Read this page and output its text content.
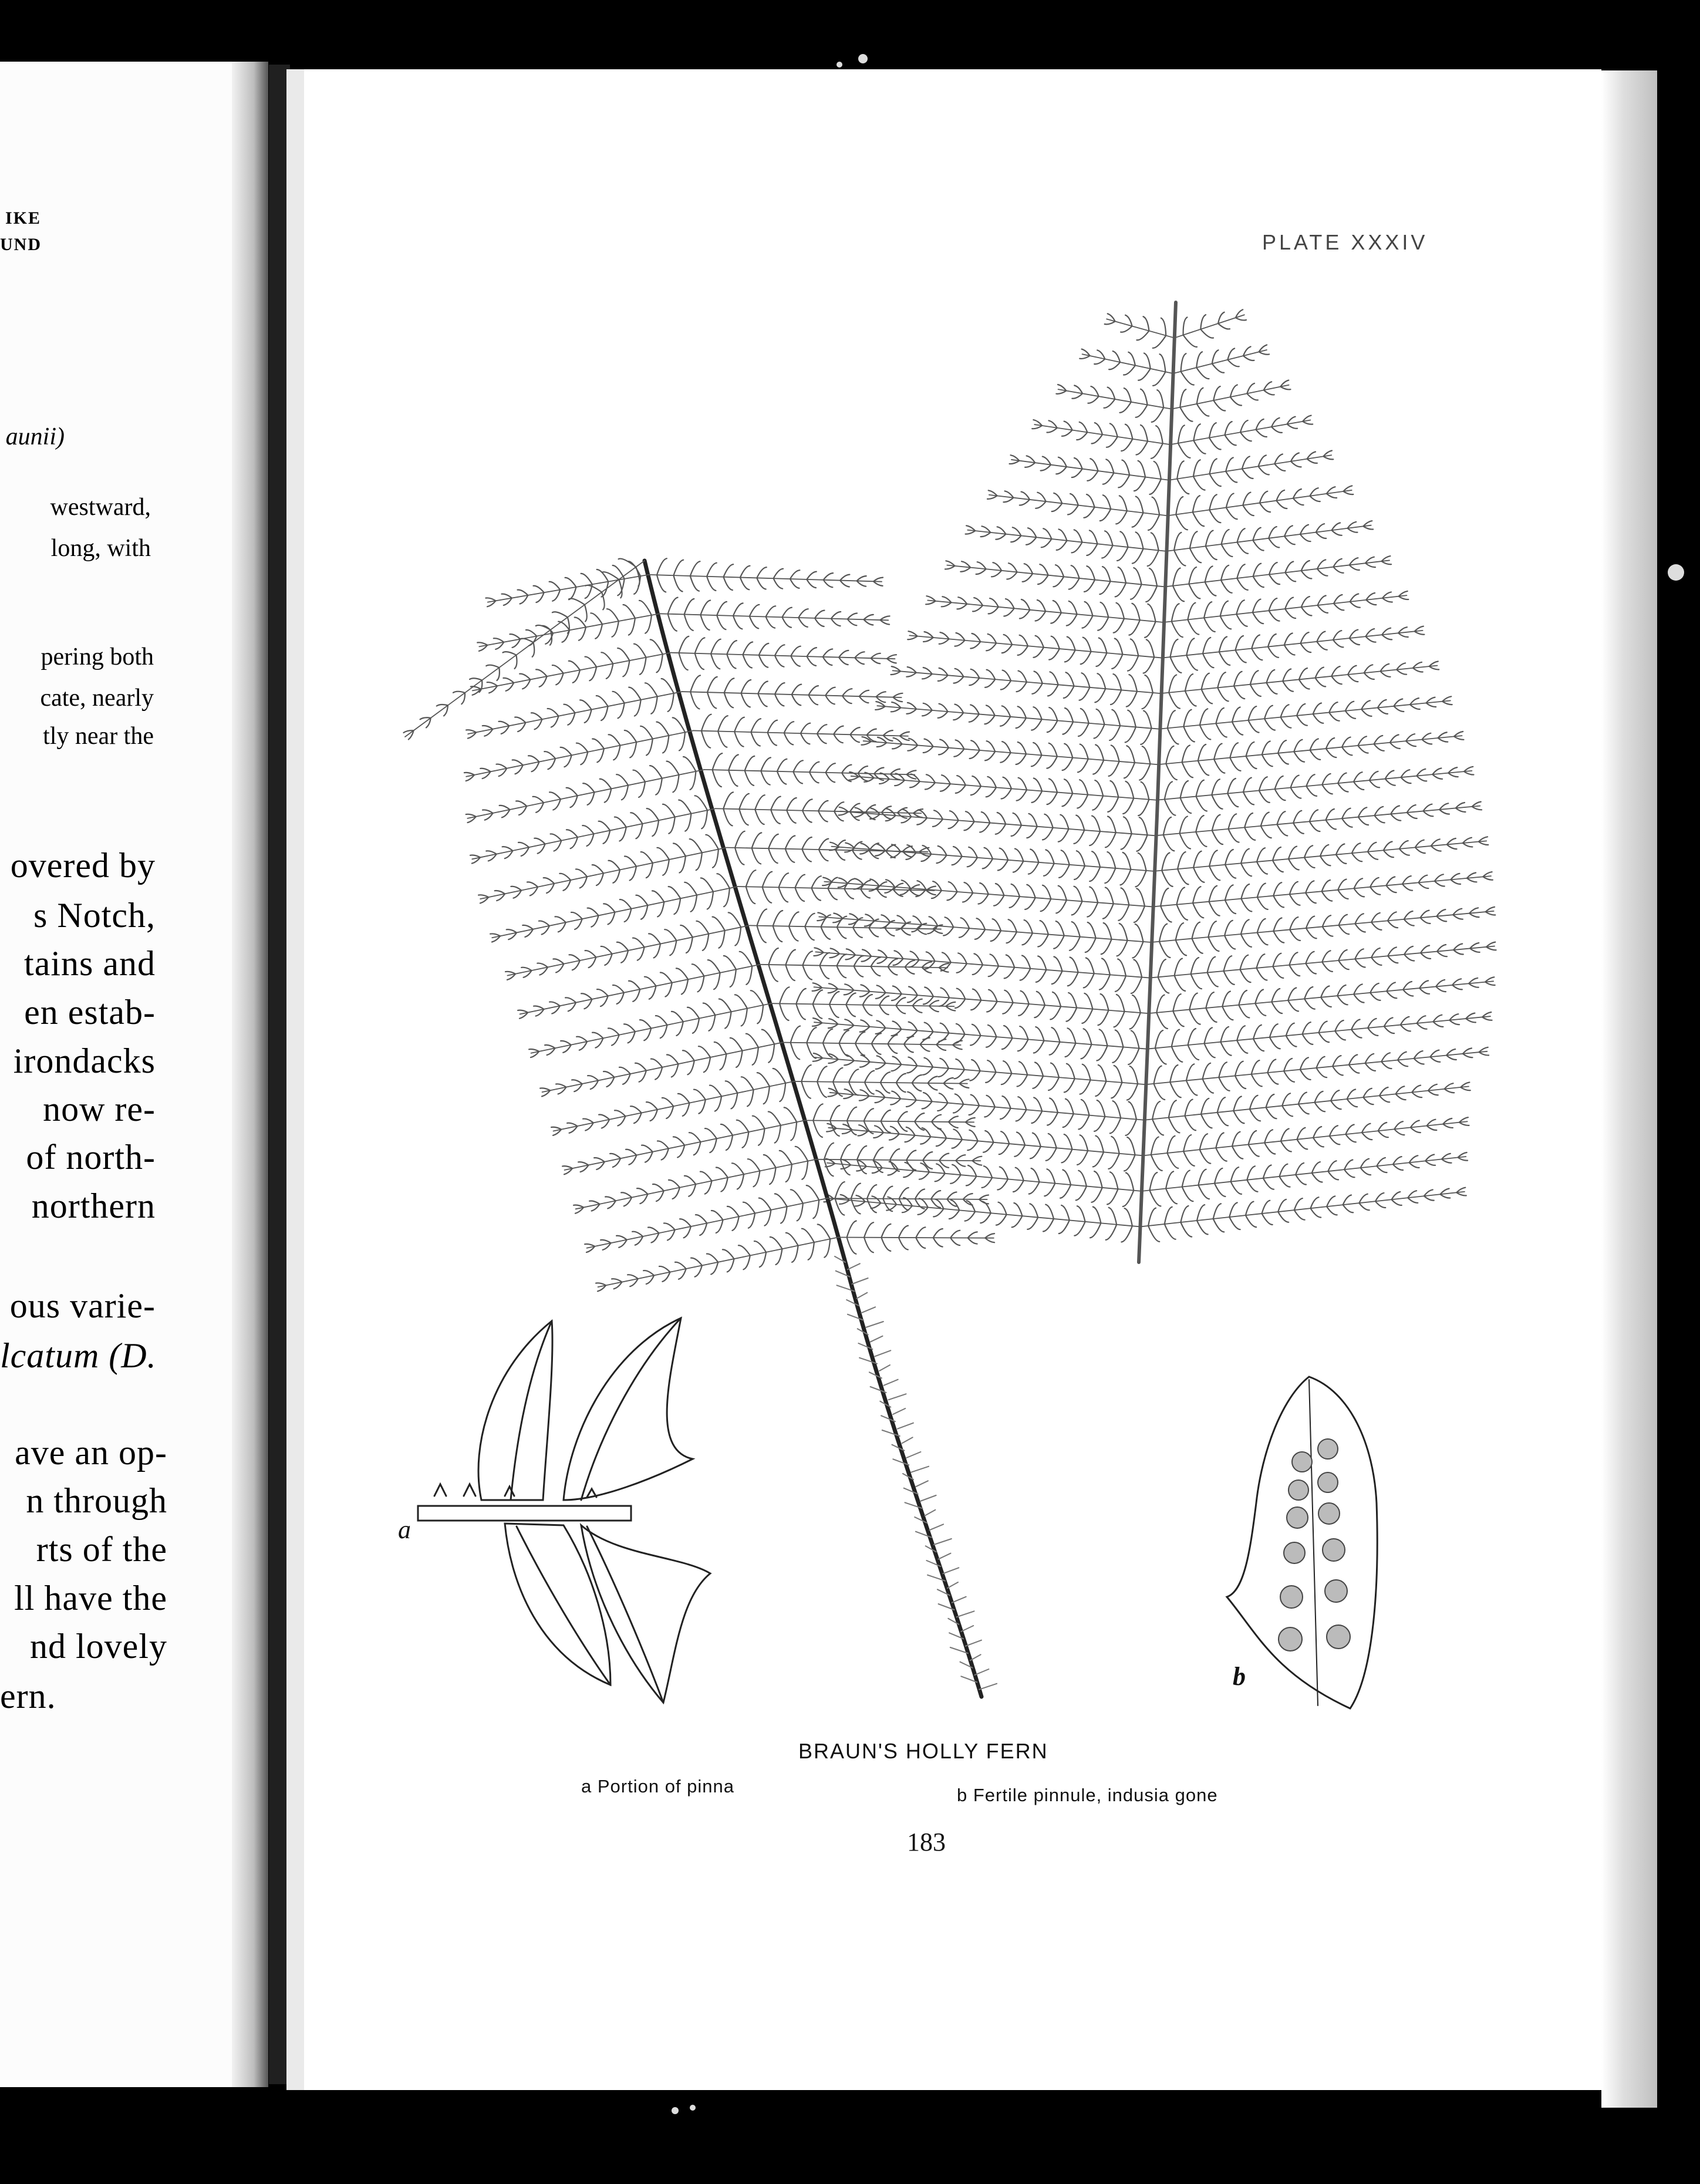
IKE
UND
aunii)
westward,
long, with
pering both
cate, nearly
tly near the
overed by
s Notch,
tains and
en estab-
irondacks
now re-
of north-
northern
ous varie-
lcatum (D.
ave an op-
n through
rts of the
ll have the
nd lovely
ern.
PLATE XXXIV
a
b
BRAUN'S HOLLY FERN
a Portion of pinna	b Fertile pinnule, indusia gone
183
